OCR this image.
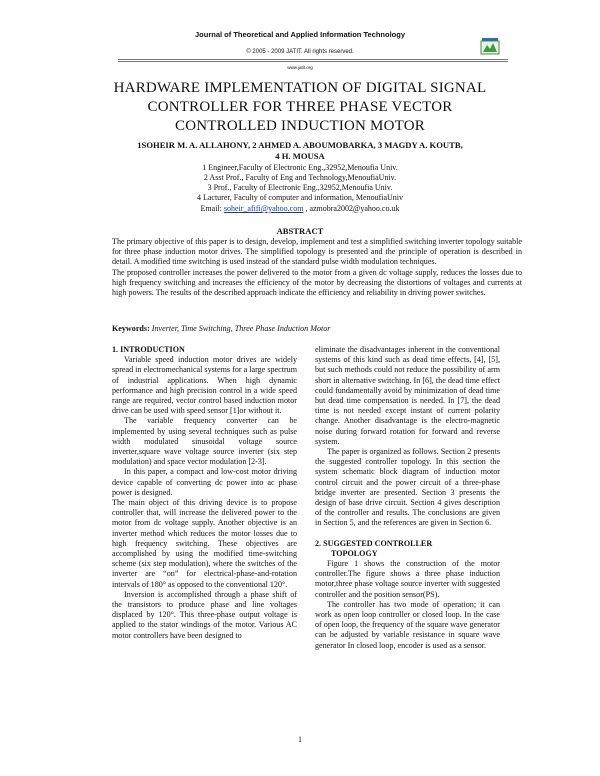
Journal of Theoretical and Applied Information Technology
© 2005 - 2009 JATIT. All rights reserved.
www.jatit.org
HARDWARE IMPLEMENTATION OF DIGITAL SIGNAL
CONTROLLER FOR THREE PHASE VECTOR
CONTROLLED INDUCTION MOTOR
1SOHEIR M. A. ALLAHONY, 2 AHMED A. ABOUMOBARKA, 3 MAGDY A. KOUTB,
4 H. MOUSA
1 Engineer,Faculty of Electronic Eng.,32952,Menoufia Univ.
2 Asst Prof., Faculty of Eng and Technology,MenoufiaUniv.
3 Prof., Faculty of Electronic Eng.,32952,Menoufia Univ.
4 Lacturer, Faculty of computer and information, MenoufiaUniv
Email: soheir_afifi@yahoo.com , azmobra2002@yahoo.co.uk
ABSTRACT

The primary objective of this paper is to design, develop, implement and test a simplified switching inverter topology suitable for three phase induction motor drives. The simplified topology is presented and the principle of operation is described in detail. A modified time switching is used instead of the standard pulse width modulation techniques.

The proposed controller increases the power delivered to the motor from a given dc voltage supply, reduces the losses due to high frequency switching and increases the efficiency of the motor by decreasing the distortions of voltages and currents at high powers. The results of the described approach indicate the efficiency and reliability in driving power switches.

Keywords: Inverter, Time Switching, Three Phase Induction Motor
1. INTRODUCTION

Variable speed induction motor drives are widely spread in electromechanical systems for a large spectrum of industrial applications. When high dynamic performance and high precision control in a wide speed range are required, vector control based induction motor drive can be used with speed sensor [1]or without it.

The variable frequency converter can be implemented by using several techniques such as pulse width modulated sinusoidal voltage source inverter,square wave voltage source inverter (six step modulation) and space vector modulation [2-3].

In this paper, a compact and low-cost motor driving device capable of converting dc power into ac phase power is designed.

The main object of this driving device is to propose controller that, will increase the delivered power to the motor from dc voltage supply. Another objective is an inverter method which reduces the motor losses due to high frequency switching. These objectives are accomplished by using the modified time-switching scheme (six step modulation), where the switches of the inverter are “on” for electrical-phase-and-rotation intervals of 180° as opposed to the conventional 120°.

Inversion is accomplished through a phase shift of the transistors to produce phase and line voltages displaced by 120°. This three-phase output voltage is applied to the stator windings of the motor. Various AC motor controllers have been designed to

eliminate the disadvantages inherent in the conventional systems of this kind such as dead time effects, [4], [5], but such methods could not reduce the possibility of arm short in alternative switching. In [6], the dead time effect could fundamentally avoid by minimization of dead time but dead time compensation is needed. In [7], the dead time is not needed except instant of current polarity change. Another disadvantage is the electro-magnetic noise during forward rotation for forward and reverse system.

The paper is organized as follows. Section 2 presents the suggested controller topology. In this section the system schematic block diagram of induction motor control circuit and the power circuit of a three-phase bridge inverter are presented. Section 3 presents the design of base drive circuit. Section 4 gives description of the controller and results. The conclusions are given in Section 5, and the references are given in Section 6.

2. SUGGESTED CONTROLLER
TOPOLOGY

Figure 1 shows the construction of the motor controller.The figure shows a three phase induction motor,three phase voltage source inverter with suggested controller and the position sensor(PS).

The controller has two mode of operation; it can work as open loop controller or closed loop. In the case of open loop, the frequency of the square wave generator can be adjusted by variable resistance in square wave generator In closed loop, encoder is used as a sensor.

1
